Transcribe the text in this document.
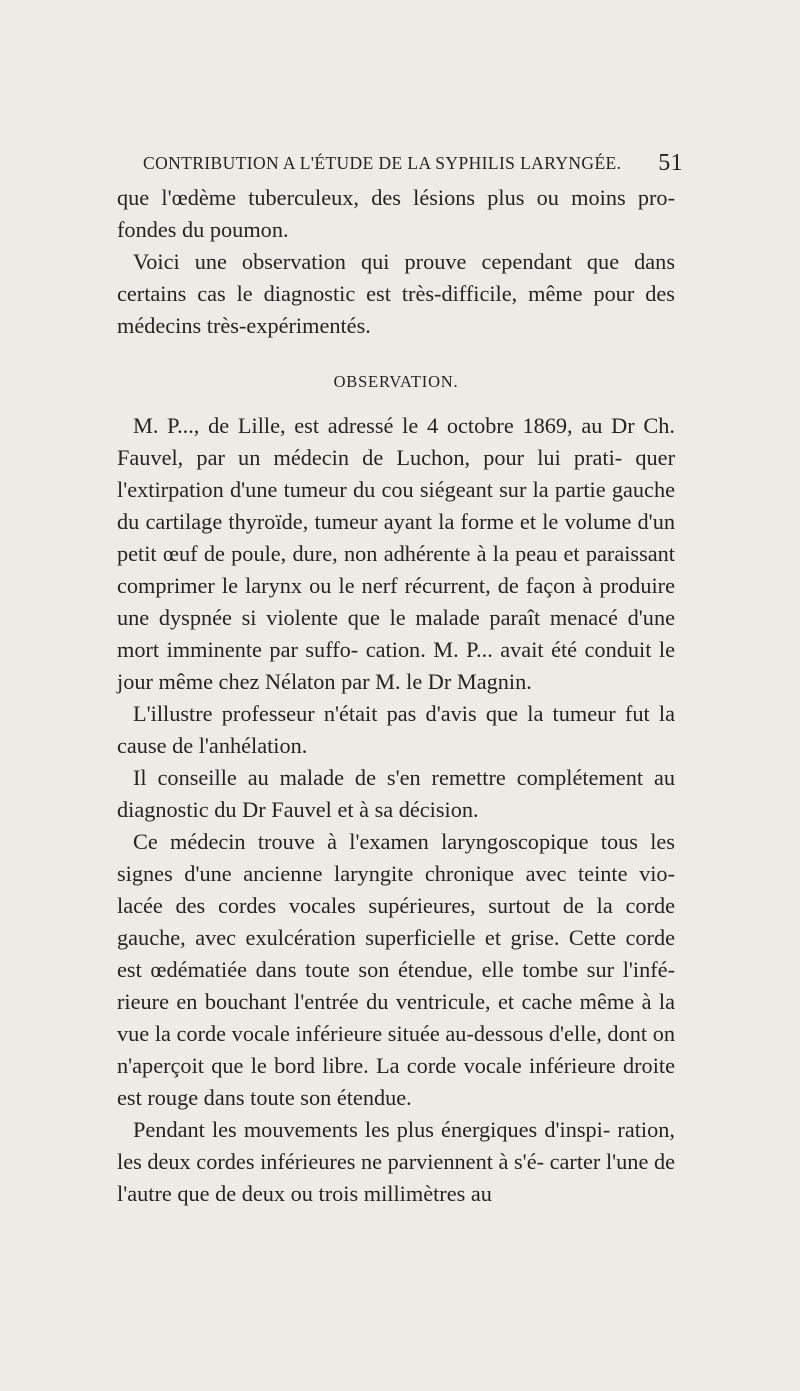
CONTRIBUTION A L'ÉTUDE DE LA SYPHILIS LARYNGÉE. 51

que l'œdème tuberculeux, des lésions plus ou moins pro- fondes du poumon.

Voici une observation qui prouve cependant que dans certains cas le diagnostic est très-difficile, même pour des médecins très-expérimentés.

OBSERVATION.

M. P..., de Lille, est adressé le 4 octobre 1869, au Dr Ch. Fauvel, par un médecin de Luchon, pour lui prati- quer l'extirpation d'une tumeur du cou siégeant sur la partie gauche du cartilage thyroïde, tumeur ayant la forme et le volume d'un petit œuf de poule, dure, non adhérente à la peau et paraissant comprimer le larynx ou le nerf récurrent, de façon à produire une dyspnée si violente que le malade paraît menacé d'une mort imminente par suffo- cation. M. P... avait été conduit le jour même chez Nélaton par M. le Dr Magnin.

L'illustre professeur n'était pas d'avis que la tumeur fut la cause de l'anhélation.

Il conseille au malade de s'en remettre complétement au diagnostic du Dr Fauvel et à sa décision.

Ce médecin trouve à l'examen laryngoscopique tous les signes d'une ancienne laryngite chronique avec teinte vio- lacée des cordes vocales supérieures, surtout de la corde gauche, avec exulcération superficielle et grise. Cette corde est œdématiée dans toute son étendue, elle tombe sur l'infé- rieure en bouchant l'entrée du ventricule, et cache même à la vue la corde vocale inférieure située au-dessous d'elle, dont on n'aperçoit que le bord libre. La corde vocale inférieure droite est rouge dans toute son étendue.

Pendant les mouvements les plus énergiques d'inspi- ration, les deux cordes inférieures ne parviennent à s'é- carter l'une de l'autre que de deux ou trois millimètres au
